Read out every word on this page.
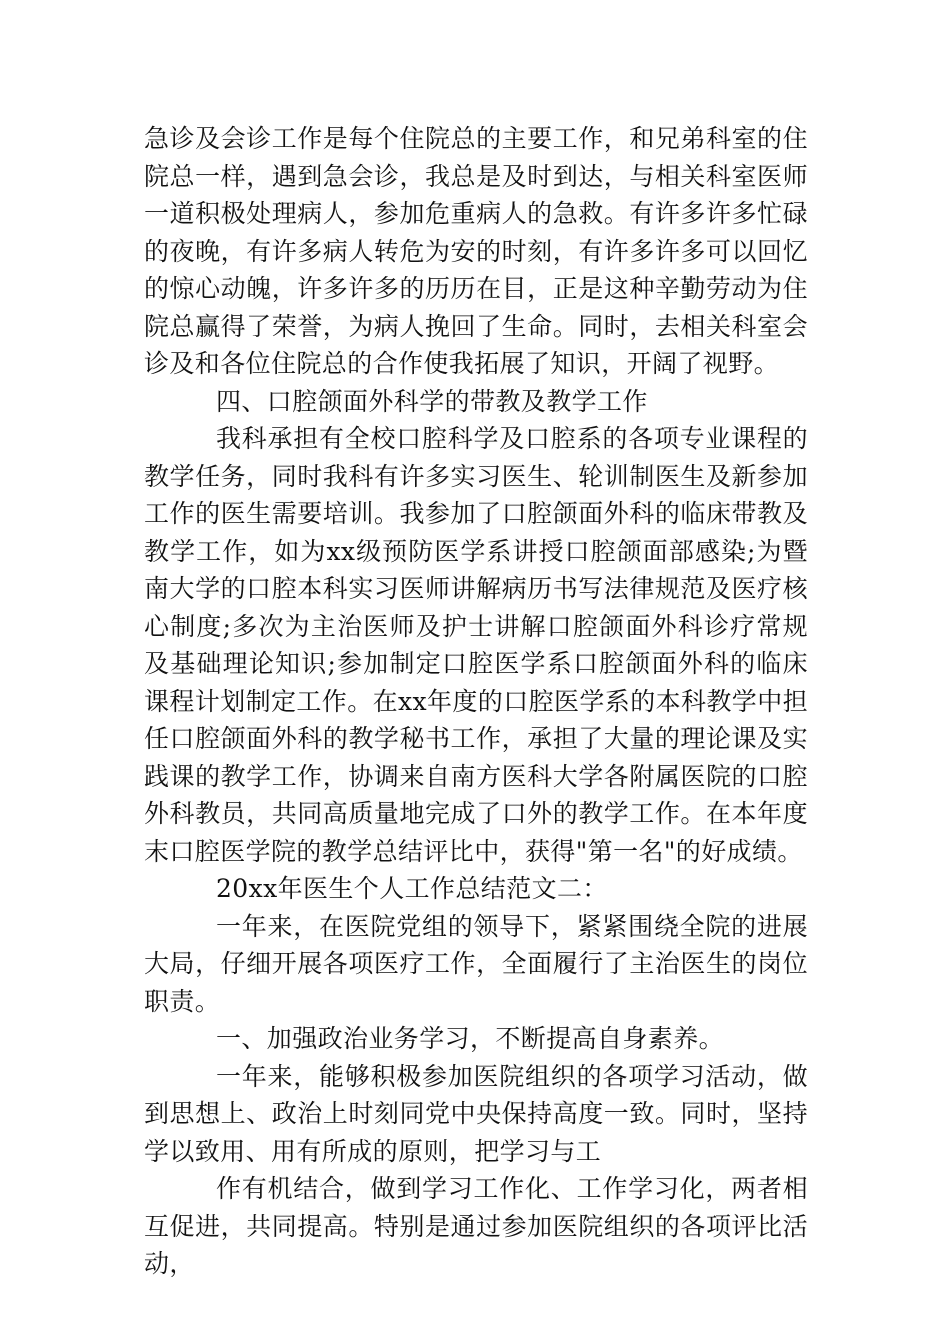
急诊及会诊工作是每个住院总的主要工作，和兄弟科室的住院总一样，遇到急会诊，我总是及时到达，与相关科室医师一道积极处理病人，参加危重病人的急救。有许多许多忙碌的夜晚，有许多病人转危为安的时刻，有许多许多可以回忆的惊心动魄，许多许多的历历在目，正是这种辛勤劳动为住院总赢得了荣誉，为病人挽回了生命。同时，去相关科室会诊及和各位住院总的合作使我拓展了知识，开阔了视野。

四、口腔颌面外科学的带教及教学工作

我科承担有全校口腔科学及口腔系的各项专业课程的教学任务，同时我科有许多实习医生、轮训制医生及新参加工作的医生需要培训。我参加了口腔颌面外科的临床带教及教学工作，如为xx级预防医学系讲授口腔颌面部感染;为暨南大学的口腔本科实习医师讲解病历书写法律规范及医疗核心制度;多次为主治医师及护士讲解口腔颌面外科诊疗常规及基础理论知识;参加制定口腔医学系口腔颌面外科的临床课程计划制定工作。在xx年度的口腔医学系的本科教学中担任口腔颌面外科的教学秘书工作，承担了大量的理论课及实践课的教学工作，协调来自南方医科大学各附属医院的口腔外科教员，共同高质量地完成了口外的教学工作。在本年度末口腔医学院的教学总结评比中，获得"第一名"的好成绩。

20xx年医生个人工作总结范文二：

一年来，在医院党组的领导下，紧紧围绕全院的进展大局，仔细开展各项医疗工作，全面履行了主治医生的岗位职责。

一、加强政治业务学习，不断提高自身素养。

一年来，能够积极参加医院组织的各项学习活动，做到思想上、政治上时刻同党中央保持高度一致。同时，坚持学以致用、用有所成的原则，把学习与工

作有机结合，做到学习工作化、工作学习化，两者相互促进，共同提高。特别是通过参加医院组织的各项评比活动，
